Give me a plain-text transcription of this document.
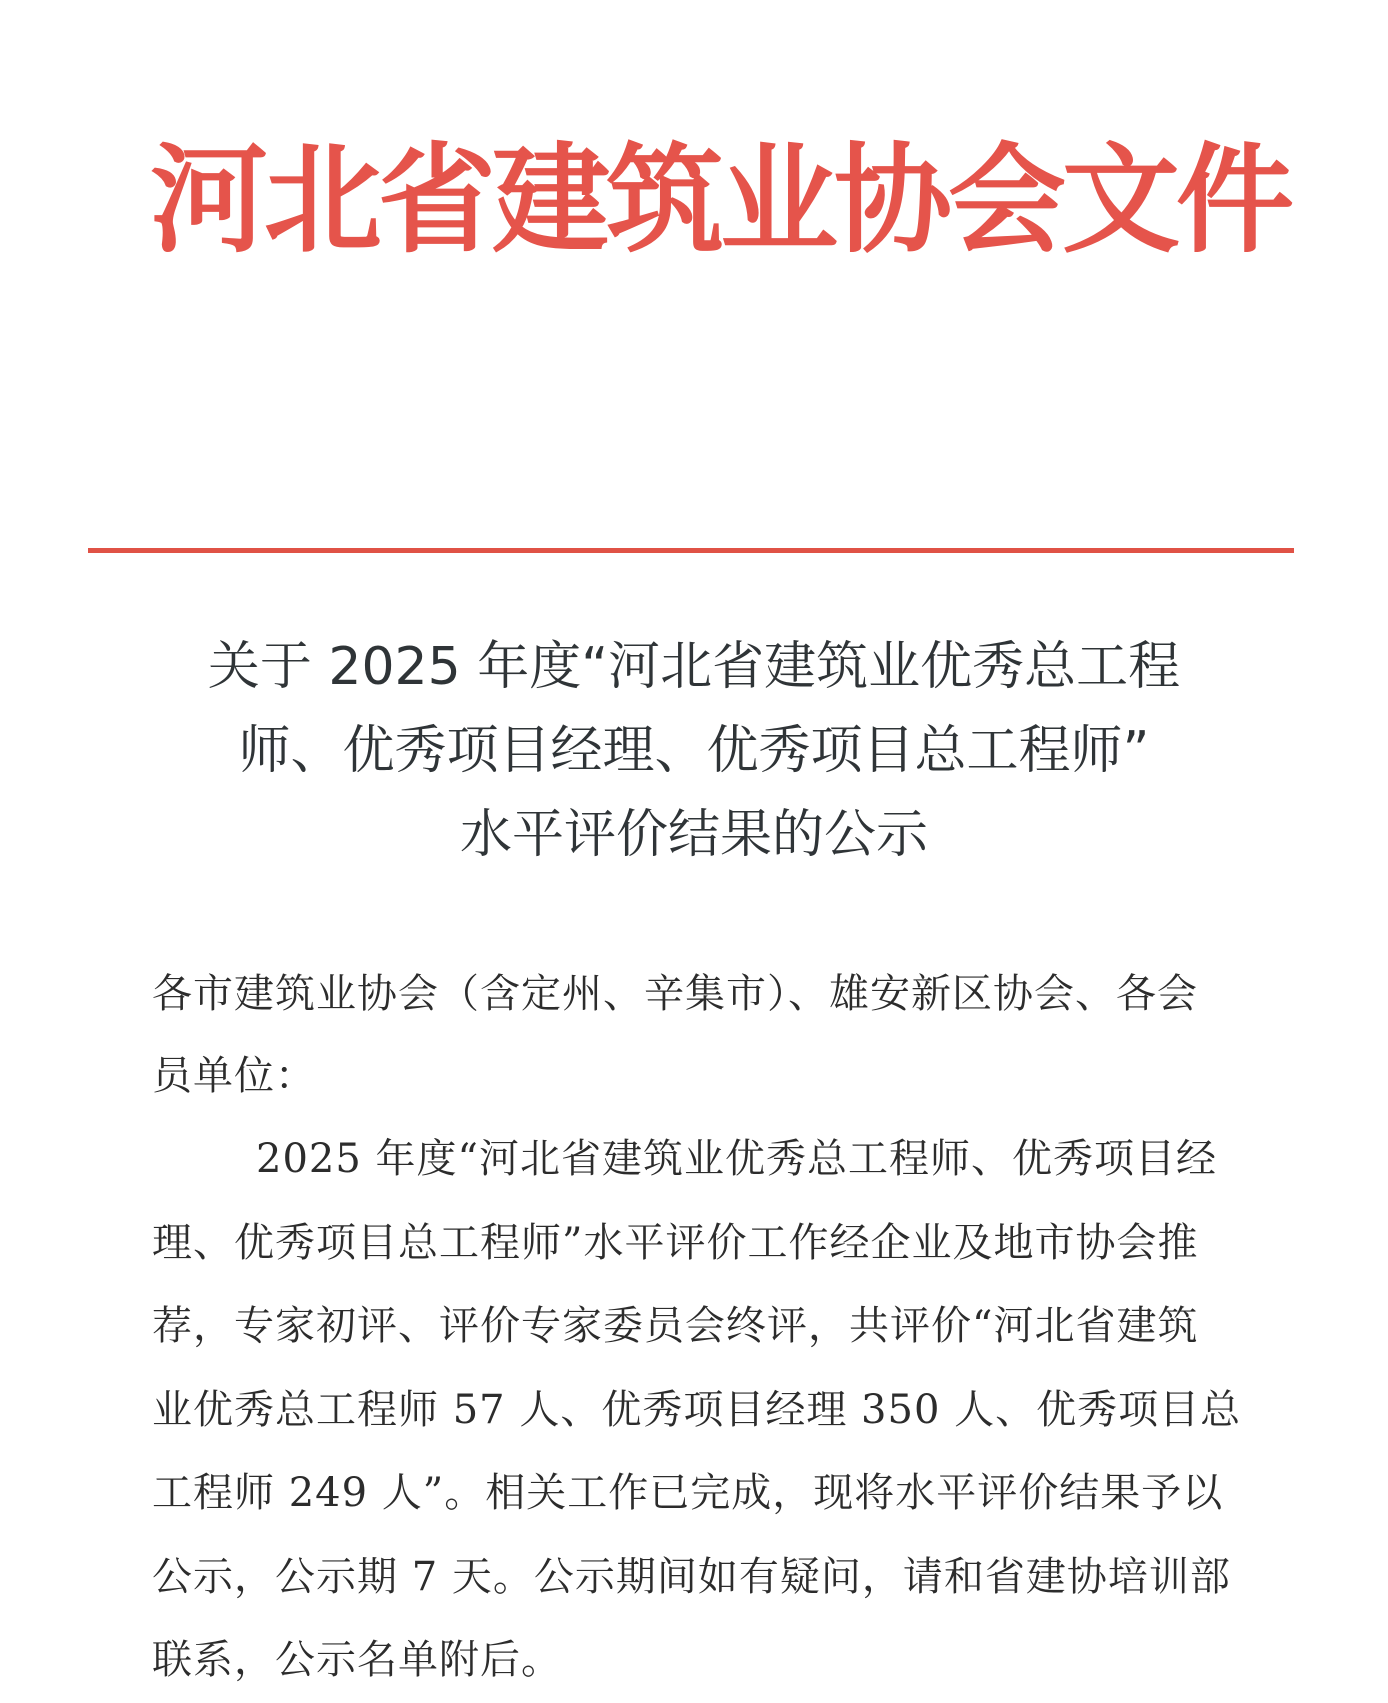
河北省建筑业协会文件
关于 2025 年度“河北省建筑业优秀总工程
师、优秀项目经理、优秀项目总工程师”
水平评价结果的公示
各市建筑业协会（含定州、辛集市）、雄安新区协会、各会
员单位：
2025 年度“河北省建筑业优秀总工程师、优秀项目经
理、优秀项目总工程师”水平评价工作经企业及地市协会推
荐，专家初评、评价专家委员会终评，共评价“河北省建筑
业优秀总工程师 57 人、优秀项目经理 350 人、优秀项目总
工程师 249 人”。相关工作已完成，现将水平评价结果予以
公示，公示期 7 天。公示期间如有疑问，请和省建协培训部
联系，公示名单附后。
